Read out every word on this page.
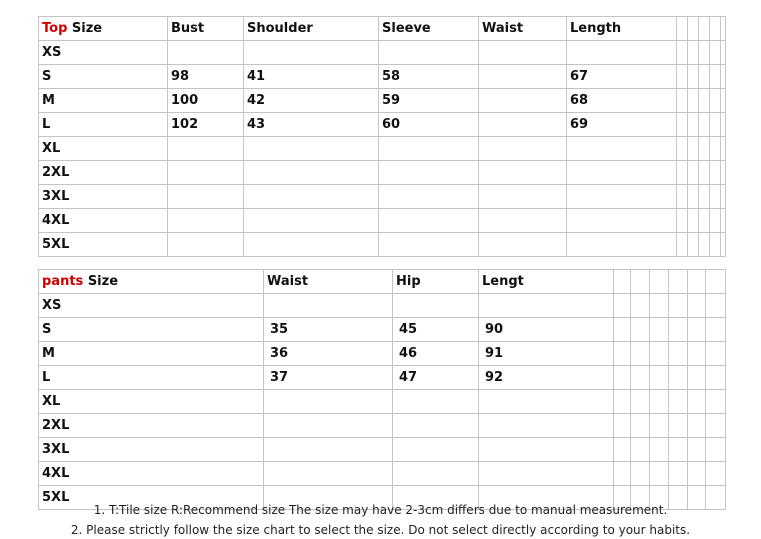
Top Size	Bust	Shoulder	Sleeve	Waist	Length					
XS										
S	98	41	58		67					
M	100	42	59		68					
L	102	43	60		69					
XL										
2XL										
3XL										
4XL										
5XL										
pants Size	Waist	Hip	Lengt						
XS									
S	35	45	90						
M	36	46	91						
L	37	47	92						
XL									
2XL									
3XL									
4XL									
5XL									
1. T:Tile size R:Recommend size The size may have 2-3cm differs due to manual measurement.
2. Please strictly follow the size chart to select the size. Do not select directly according to your habits.
